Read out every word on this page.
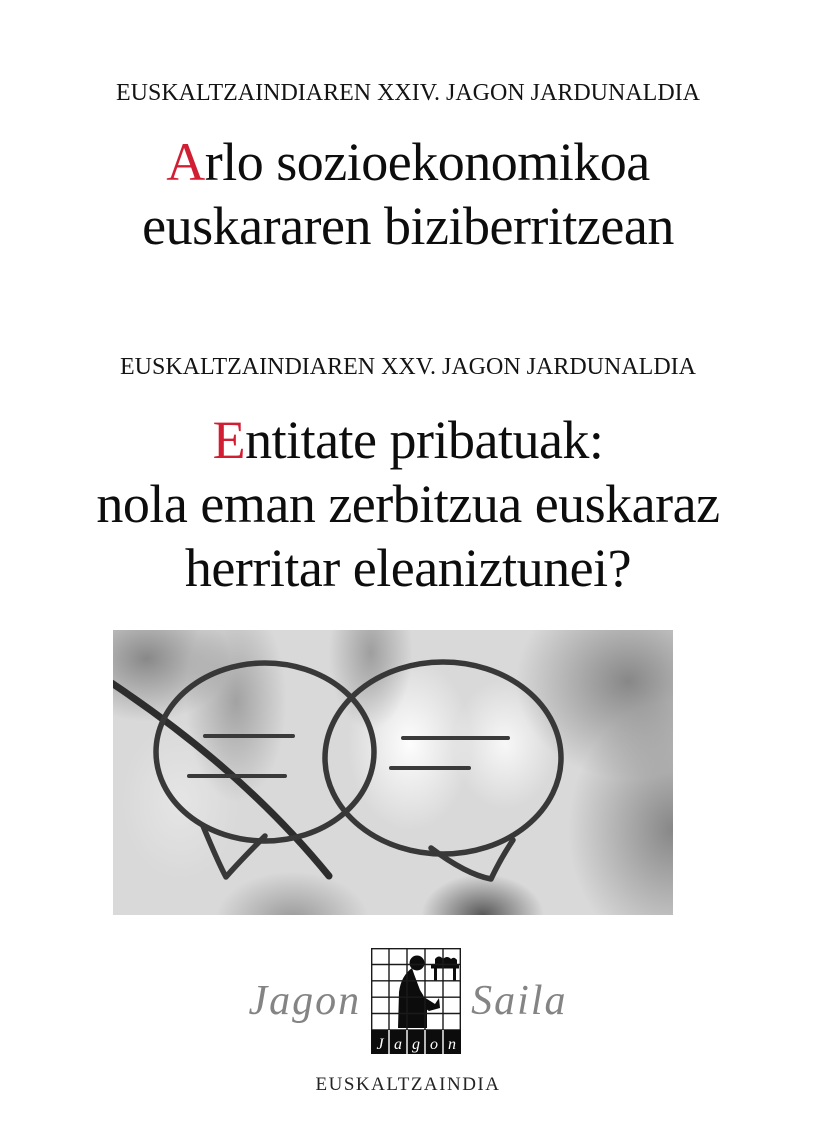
EUSKALTZAINDIAREN XXIV. JAGON JARDUNALDIA
Arlo sozioekonomikoa
euskararen biziberritzean
EUSKALTZAINDIAREN XXV. JAGON JARDUNALDIA
Entitate pribatuak:
nola eman zerbitzua euskaraz
herritar eleaniztunei?
Jagon
J a g o n
Saila
EUSKALTZAINDIA
